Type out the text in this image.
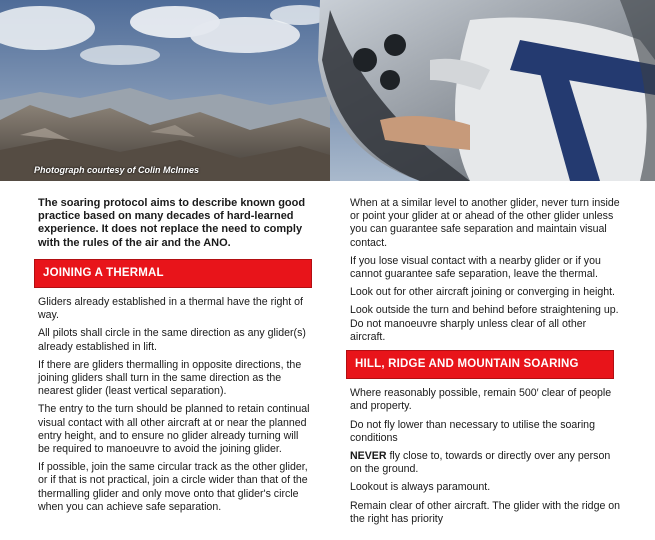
Photograph courtesy of Colin McInnes

The soaring protocol aims to describe known good practice based on many decades of hard-learned experience. It does not replace the need to comply with the rules of the air and the ANO.

JOINING A THERMAL

Gliders already established in a thermal have the right of way.

All pilots shall circle in the same direction as any glider(s) already established in lift.

If there are gliders thermalling in opposite directions, the joining gliders shall turn in the same direction as the nearest glider (least vertical separation).

The entry to the turn should be planned to retain continual visual contact with all other aircraft at or near the planned entry height, and to ensure no glider already turning will be required to manoeuvre to avoid the joining glider.

If possible, join the same circular track as the other glider, or if that is not practical, join a circle wider than that of the thermalling glider and only move onto that glider's circle when you can achieve safe separation.

When at a similar level to another glider, never turn inside or point your glider at or ahead of the other glider unless you can guarantee safe separation and maintain visual contact.

If you lose visual contact with a nearby glider or if you cannot guarantee safe separation, leave the thermal.

Look out for other aircraft joining or converging in height.

Look outside the turn and behind before straightening up. Do not manoeuvre sharply unless clear of all other aircraft.

HILL, RIDGE AND MOUNTAIN SOARING

Where reasonably possible, remain 500′ clear of people and property.

Do not fly lower than necessary to utilise the soaring conditions

NEVER fly close to, towards or directly over any person on the ground.

Lookout is always paramount.

Remain clear of other aircraft. The glider with the ridge on the right has priority
